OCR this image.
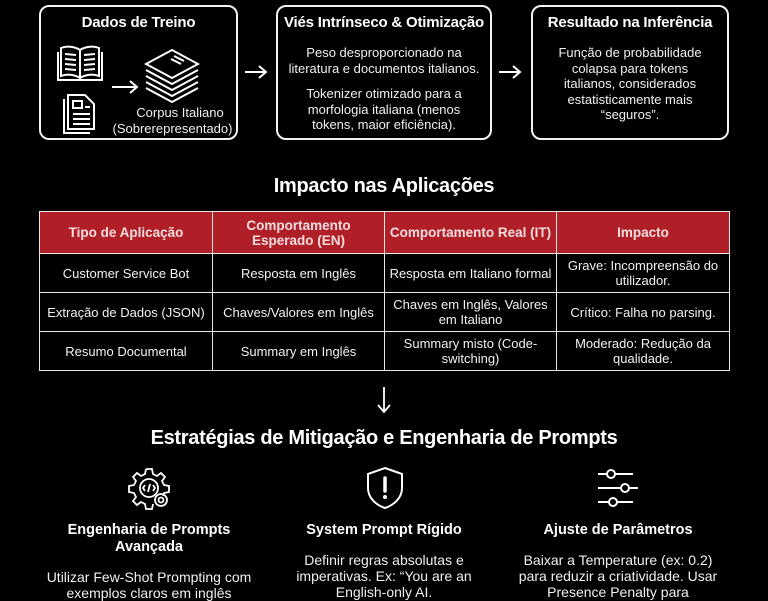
Dados de Treino
Corpus Italiano
(Sobrerepresentado)
Viés Intrínseco & Otimização
Peso desproporcionado na literatura e documentos italianos.
Tokenizer otimizado para a morfologia italiana (menos tokens, maior eficiência).
Resultado na Inferência
Função de probabilidade colapsa para tokens italianos, considerados estatisticamente mais “seguros”.
Impacto nas Aplicações
Tipo de Aplicação	Comportamento Esperado (EN)	Comportamento Real (IT)	Impacto
Customer Service Bot	Resposta em Inglês	Resposta em Italiano formal	Grave: Incompreensão do utilizador.
Extração de Dados (JSON)	Chaves/Valores em Inglês	Chaves em Inglês, Valores em Italiano	Crítico: Falha no parsing.
Resumo Documental	Summary em Inglês	Summary misto (Code-switching)	Moderado: Redução da qualidade.
Estratégias de Mitigação e Engenharia de Prompts
Engenharia de Prompts Avançada
Utilizar Few-Shot Prompting com exemplos claros em inglês
System Prompt Rígido
Definir regras absolutas e imperativas. Ex: “You are an English-only AI.
Ajuste de Parâmetros
Baixar a Temperature (ex: 0.2) para reduzir a criatividade. Usar Presence Penalty para
